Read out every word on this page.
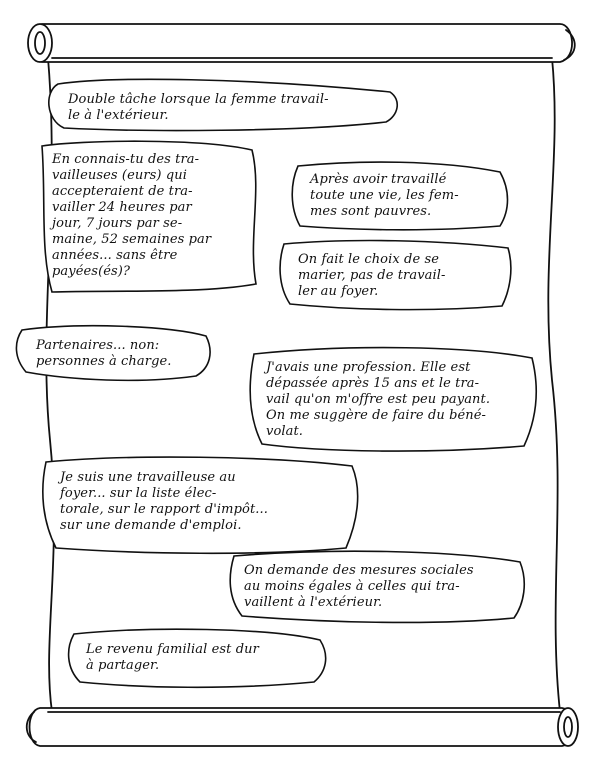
Double tâche lorsque la femme travail-
le à l'extérieur.
En connais-tu des tra-
vailleuses (eurs) qui
accepteraient de tra-
vailler 24 heures par
jour, 7 jours par se-
maine, 52 semaines par
années... sans être
payées(és)?
Après avoir travaillé
toute une vie, les fem-
mes sont pauvres.
On fait le choix de se
marier, pas de travail-
ler au foyer.
Partenaires... non:
personnes à charge.	J'avais une profession. Elle est
dépassée après 15 ans et le tra-
vail qu'on m'offre est peu payant.
On me suggère de faire du béné-
volat.
Je suis une travailleuse au
foyer... sur la liste élec-
torale, sur le rapport d'impôt...
sur une demande d'emploi.
On demande des mesures sociales
au moins égales à celles qui tra-
vaillent à l'extérieur.
Le revenu familial est dur
à partager.
